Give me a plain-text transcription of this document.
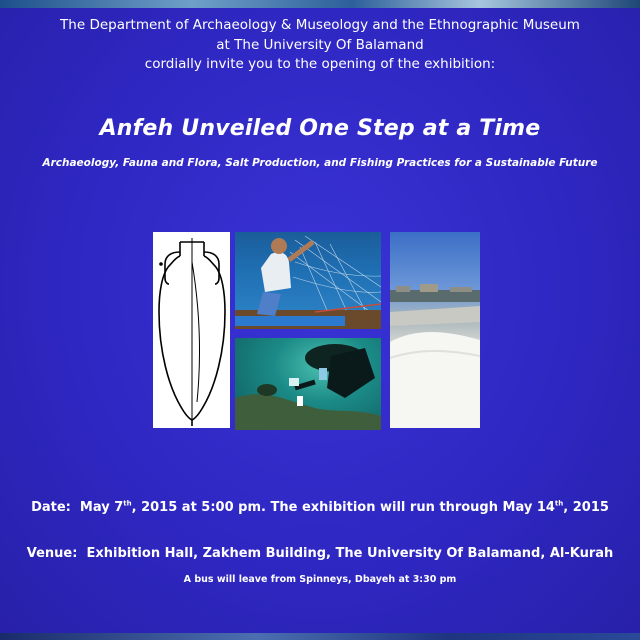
The Department of Archaeology & Museology and the Ethnographic Museum
at The University Of Balamand
cordially invite you to the opening of the exhibition:
Anfeh Unveiled One Step at a Time
Archaeology, Fauna and Flora, Salt Production, and Fishing Practices for a Sustainable Future
Date: May 7th, 2015 at 5:00 pm. The exhibition will run through May 14th, 2015
Venue: Exhibition Hall, Zakhem Building, The University Of Balamand, Al-Kurah
A bus will leave from Spinneys, Dbayeh at 3:30 pm
